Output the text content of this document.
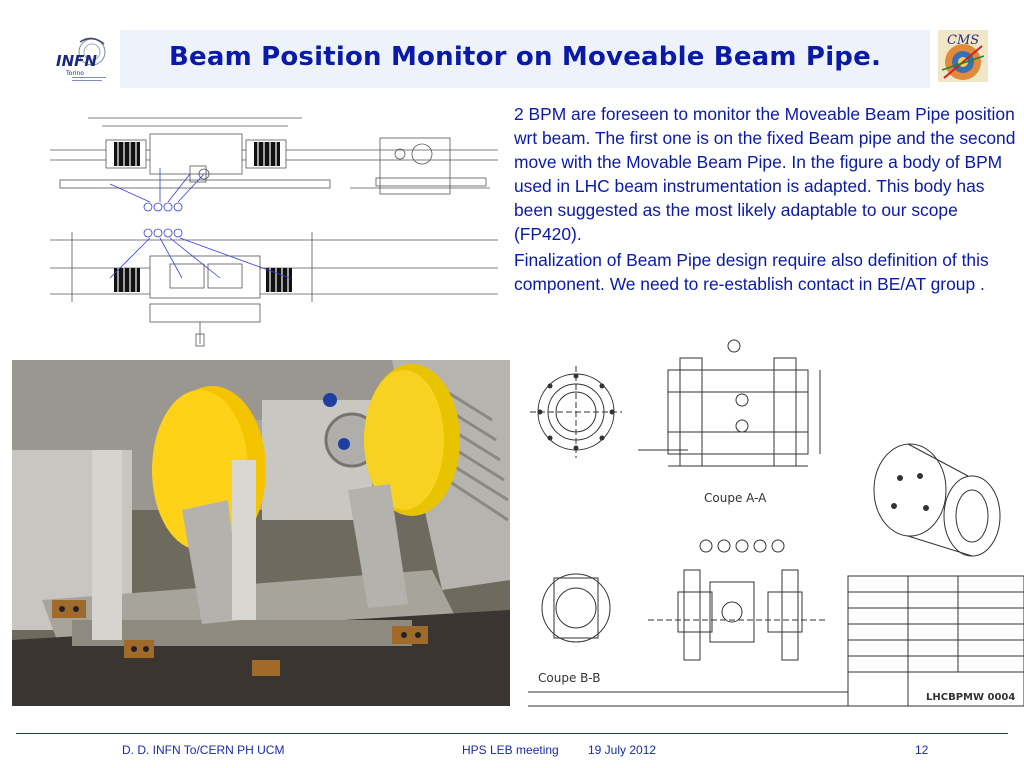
Beam Position Monitor on Moveable Beam Pipe.
INFN
Torino
CMS
Coupe A-A
Coupe B-B
LHCBPMW 0004

2 BPM are foreseen to monitor the Moveable Beam Pipe position wrt beam. The first one is on the fixed Beam pipe and the second move with the Movable Beam Pipe. In the figure a body of BPM used in LHC beam instrumentation is adapted. This body has been suggested as the most likely adaptable to our scope (FP420).

Finalization of Beam Pipe design require also definition of this component. We need to re-establish contact in BE/AT group .

D. D. INFN To/CERN PH UCM	HPS LEB meeting 19 July 2012	12
